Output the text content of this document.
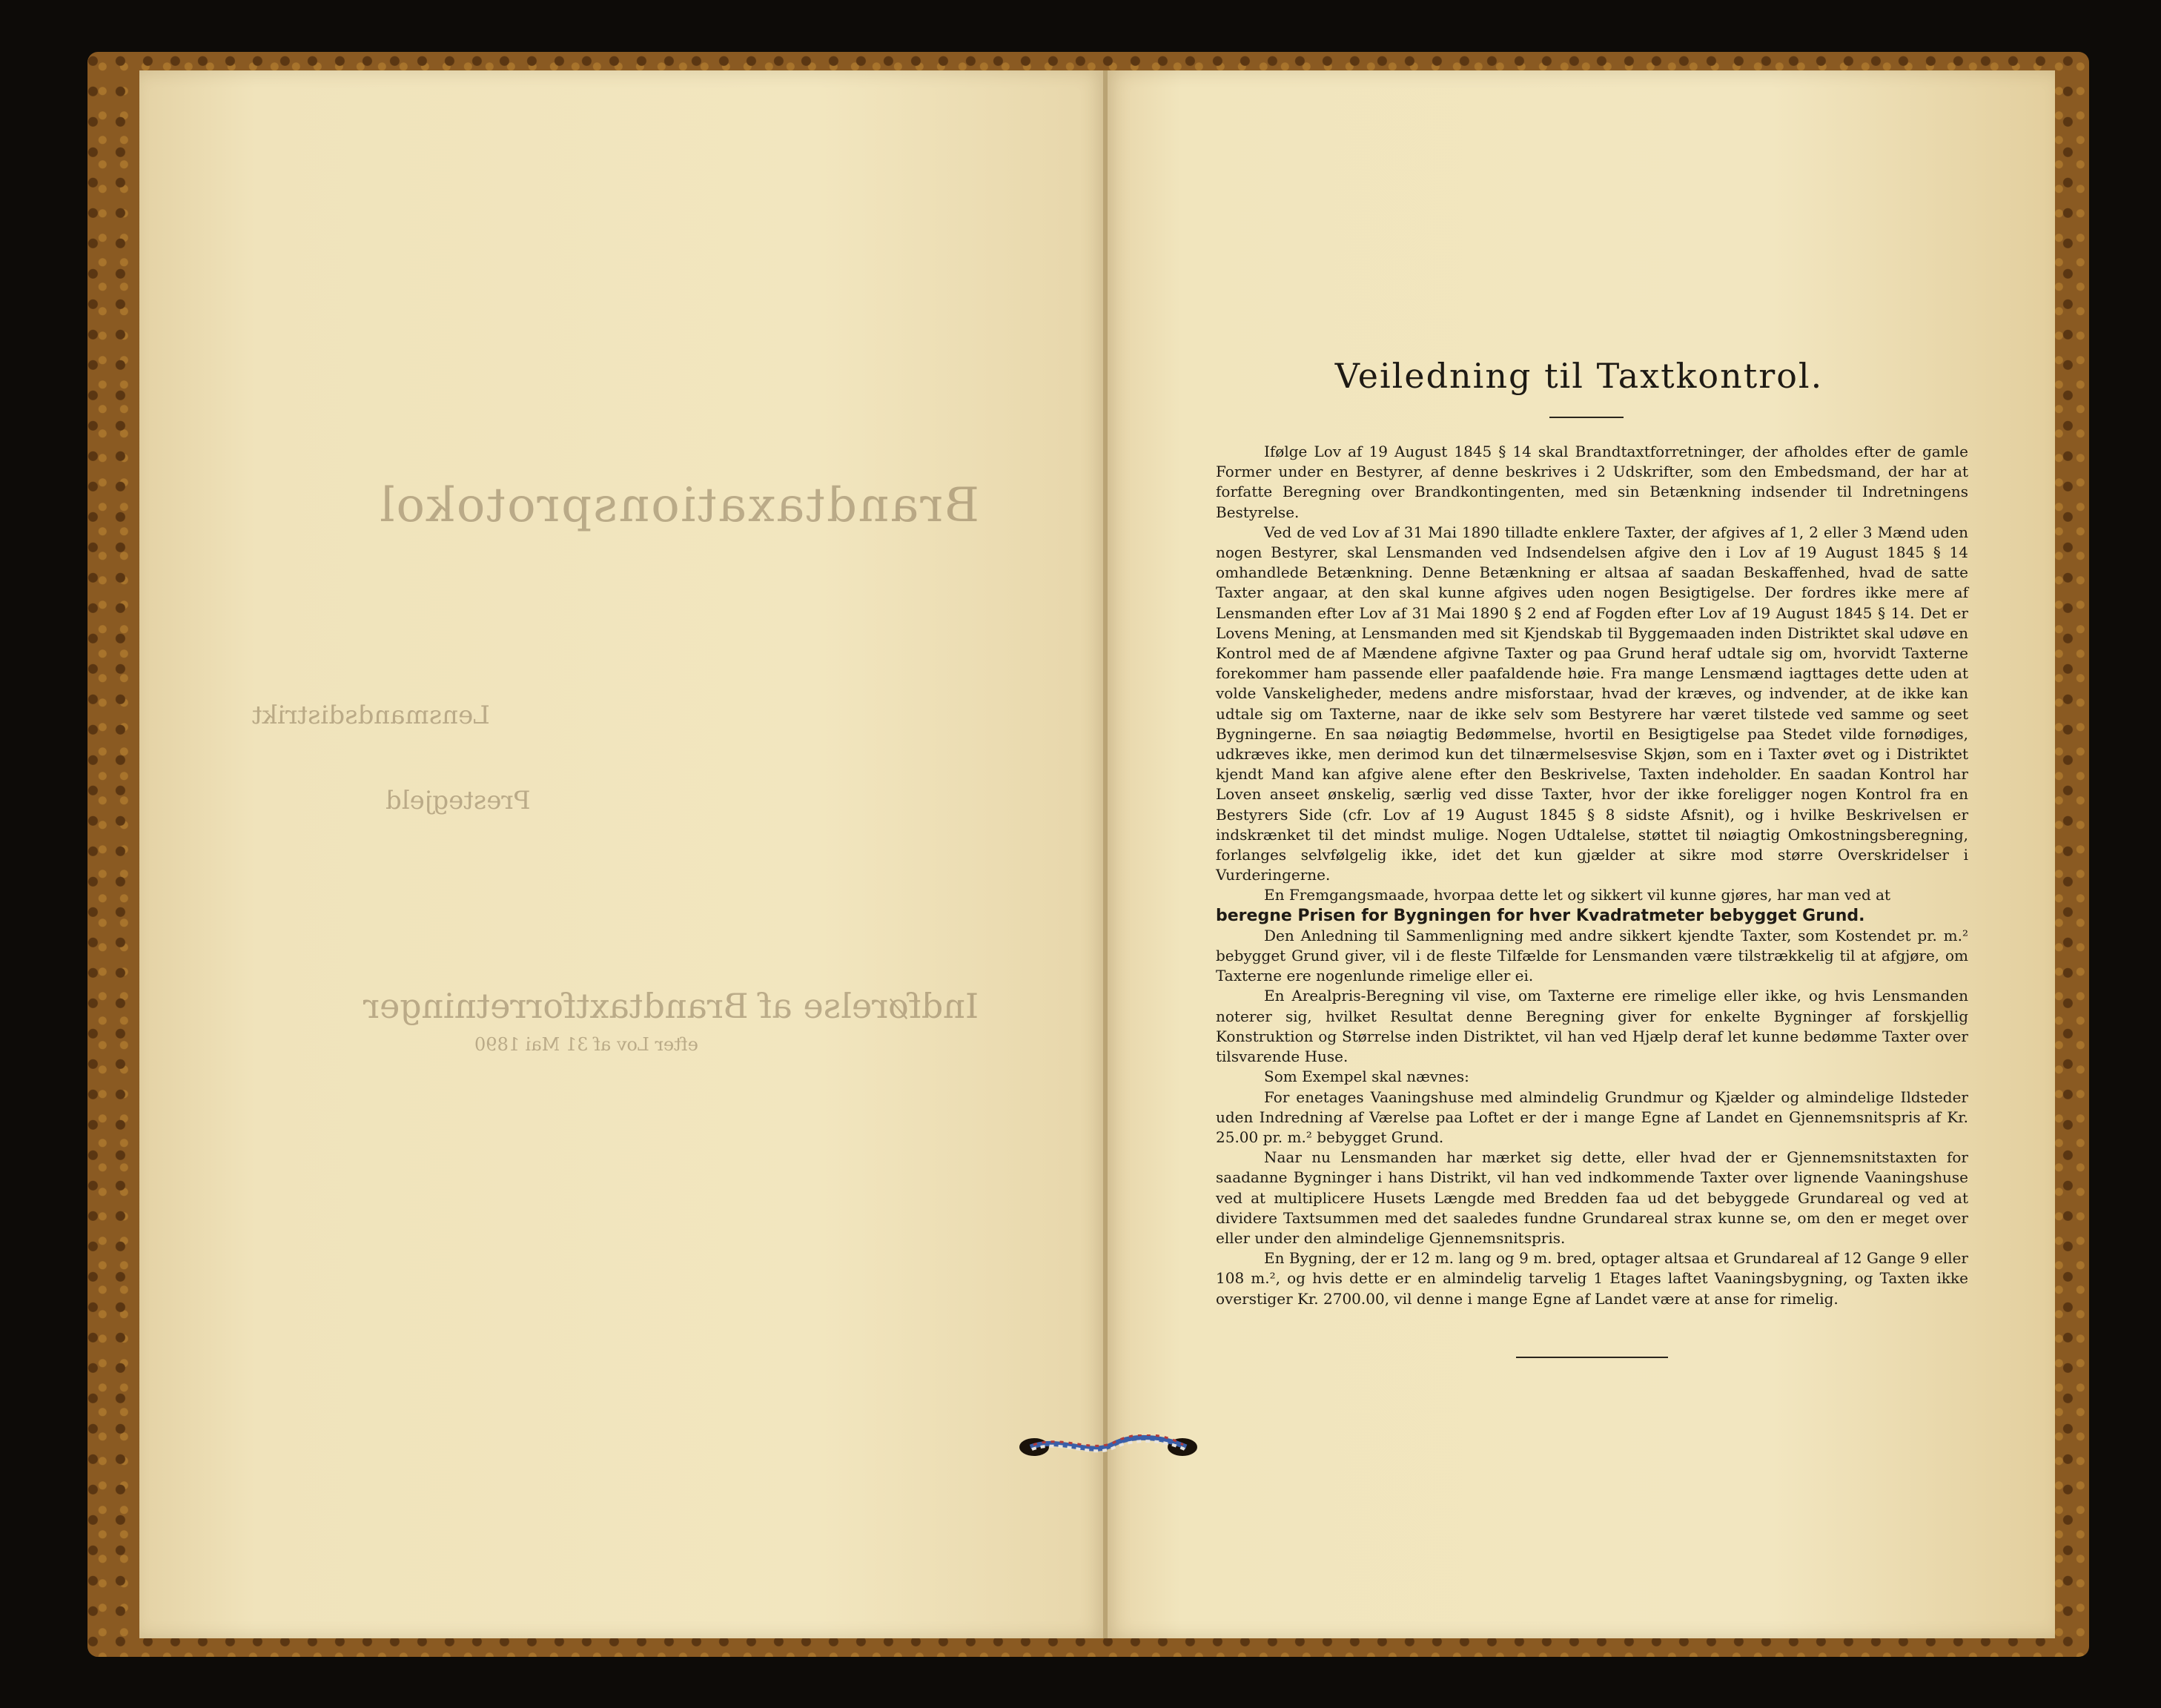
Brandtaxationsprotokol
Lensmandsdistrikt
Prestegjeld
Indførelse af Brandtaxtforretninger
efter Lov af 31 Mai 1890
Veiledning til Taxtkontrol.

Ifølge Lov af 19 August 1845 § 14 skal Brandtaxtforretninger, der afholdes efter de gamle Former under en Bestyrer, af denne beskrives i 2 Udskrifter, som den Embedsmand, der har at forfatte Beregning over Brandkontingenten, med sin Betænkning indsender til Indretningens Bestyrelse.

Ved de ved Lov af 31 Mai 1890 tilladte enklere Taxter, der afgives af 1, 2 eller 3 Mænd uden nogen Bestyrer, skal Lensmanden ved Indsendelsen afgive den i Lov af 19 August 1845 § 14 omhandlede Betænkning. Denne Betænkning er altsaa af saadan Beskaffenhed, hvad de satte Taxter angaar, at den skal kunne afgives uden nogen Besigtigelse. Der fordres ikke mere af Lensmanden efter Lov af 31 Mai 1890 § 2 end af Fogden efter Lov af 19 August 1845 § 14. Det er Lovens Mening, at Lensmanden med sit Kjendskab til Byggemaaden inden Distriktet skal udøve en Kontrol med de af Mændene afgivne Taxter og paa Grund heraf udtale sig om, hvorvidt Taxterne forekommer ham passende eller paafaldende høie. Fra mange Lensmænd iagttages dette uden at volde Vanskeligheder, medens andre misforstaar, hvad der kræves, og indvender, at de ikke kan udtale sig om Taxterne, naar de ikke selv som Bestyrere har været tilstede ved samme og seet Bygningerne. En saa nøiagtig Bedømmelse, hvortil en Besigtigelse paa Stedet vilde fornødiges, udkræves ikke, men derimod kun det tilnærmelsesvise Skjøn, som en i Taxter øvet og i Distriktet kjendt Mand kan afgive alene efter den Beskrivelse, Taxten indeholder. En saadan Kontrol har Loven anseet ønskelig, særlig ved disse Taxter, hvor der ikke foreligger nogen Kontrol fra en Bestyrers Side (cfr. Lov af 19 August 1845 § 8 sidste Afsnit), og i hvilke Beskrivelsen er indskrænket til det mindst mulige. Nogen Udtalelse, støttet til nøiagtig Omkostningsberegning, forlanges selvfølgelig ikke, idet det kun gjælder at sikre mod større Overskridelser i Vurderingerne.

En Fremgangsmaade, hvorpaa dette let og sikkert vil kunne gjøres, har man ved at

beregne Prisen for Bygningen for hver Kvadratmeter bebygget Grund.

Den Anledning til Sammenligning med andre sikkert kjendte Taxter, som Kostendet pr. m.² bebygget Grund giver, vil i de fleste Tilfælde for Lensmanden være tilstrækkelig til at afgjøre, om Taxterne ere nogenlunde rimelige eller ei.

En Arealpris-Beregning vil vise, om Taxterne ere rimelige eller ikke, og hvis Lensmanden noterer sig, hvilket Resultat denne Beregning giver for enkelte Bygninger af forskjellig Konstruktion og Størrelse inden Distriktet, vil han ved Hjælp deraf let kunne bedømme Taxter over tilsvarende Huse.

Som Exempel skal nævnes:

For enetages Vaaningshuse med almindelig Grundmur og Kjælder og almindelige Ildsteder uden Indredning af Værelse paa Loftet er der i mange Egne af Landet en Gjennemsnitspris af Kr. 25.00 pr. m.² bebygget Grund.

Naar nu Lensmanden har mærket sig dette, eller hvad der er Gjennemsnitstaxten for saadanne Bygninger i hans Distrikt, vil han ved indkommende Taxter over lignende Vaaningshuse ved at multiplicere Husets Længde med Bredden faa ud det bebyggede Grundareal og ved at dividere Taxtsummen med det saaledes fundne Grundareal strax kunne se, om den er meget over eller under den almindelige Gjennemsnitspris.

En Bygning, der er 12 m. lang og 9 m. bred, optager altsaa et Grundareal af 12 Gange 9 eller 108 m.², og hvis dette er en almindelig tarvelig 1 Etages laftet Vaaningsbygning, og Taxten ikke overstiger Kr. 2700.00, vil denne i mange Egne af Landet være at anse for rimelig.
